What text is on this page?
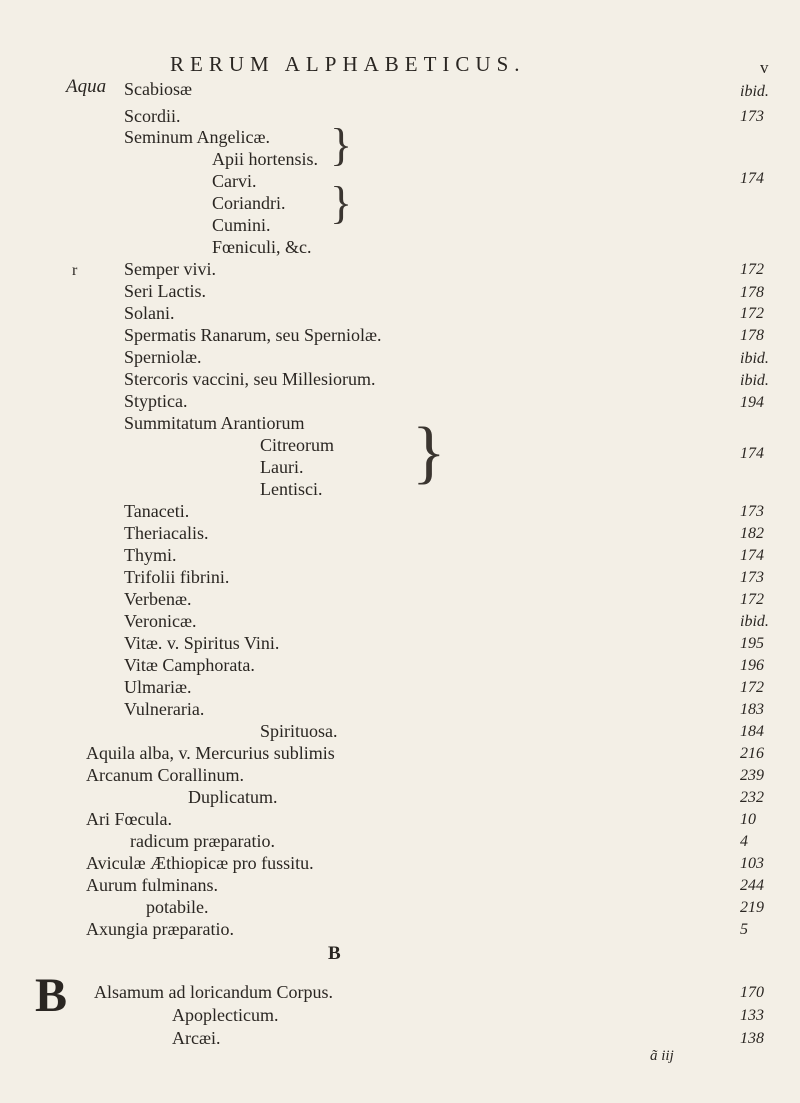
RERUM ALPHABETICUS.	v
Aqua
r
Scabiosæ	ibid.
Scordii.	173
Seminum Angelicæ.
Apii hortensis.
Carvi.	174
Coriandri.
Cumini.
Fœniculi, &c.
}
}
Semper vivi.	172
Seri Lactis.	178
Solani.	172
Spermatis Ranarum, seu Sperniolæ.	178
Sperniolæ.	ibid.
Stercoris vaccini, seu Millesiorum.	ibid.
Styptica.	194
Summitatum Arantiorum
Citreorum	174
Lauri.
Lentisci. }
Tanaceti.	173
Theriacalis.	182
Thymi.	174
Trifolii fibrini.	173
Verbenæ.	172
Veronicæ.	ibid.
Vitæ. v. Spiritus Vini.	195
Vitæ Camphorata.	196
Ulmariæ.	172
Vulneraria.	183
Spirituosa.	184
Aquila alba, v. Mercurius sublimis	216
Arcanum Corallinum.	239
Duplicatum.	232
Ari Fœcula.	10
radicum præparatio.	4
Aviculæ Æthiopicæ pro fussitu.	103
Aurum fulminans.	244
potabile.	219
Axungia præparatio.	5
B
B Alsamum ad loricandum Corpus.	170
Apoplecticum.	133
Arcæi.	138
ã iij
